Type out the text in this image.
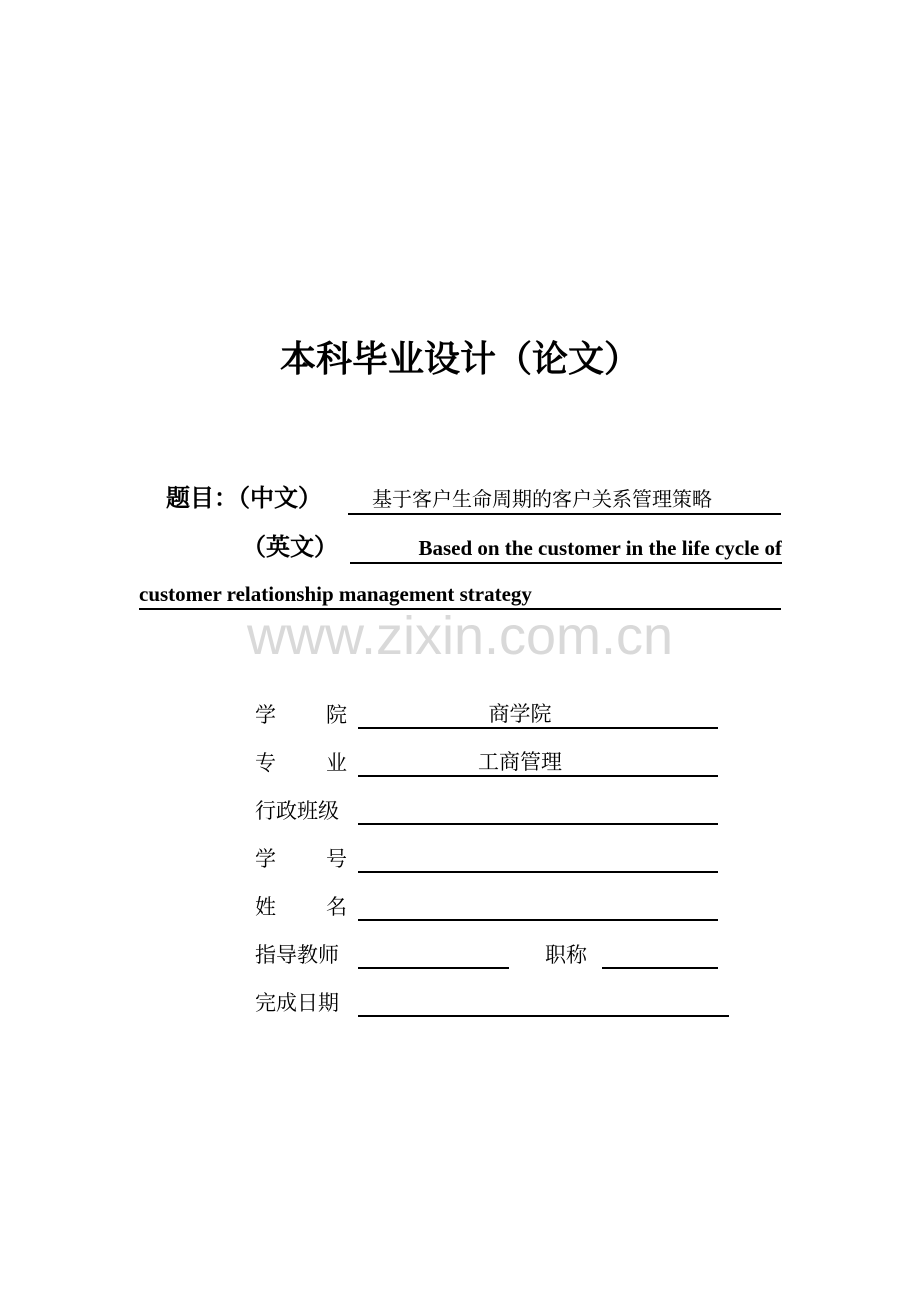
本科毕业设计（论文）
题目：（中文）	基于客户生命周期的客户关系管理策略
（英文）	Based on the customer in the life cycle of
customer relationship management strategy
www.zixin.com.cn
学 院	商学院
专 业	工商管理
行政班级
学 号
姓 名
指导教师	职称
完成日期
